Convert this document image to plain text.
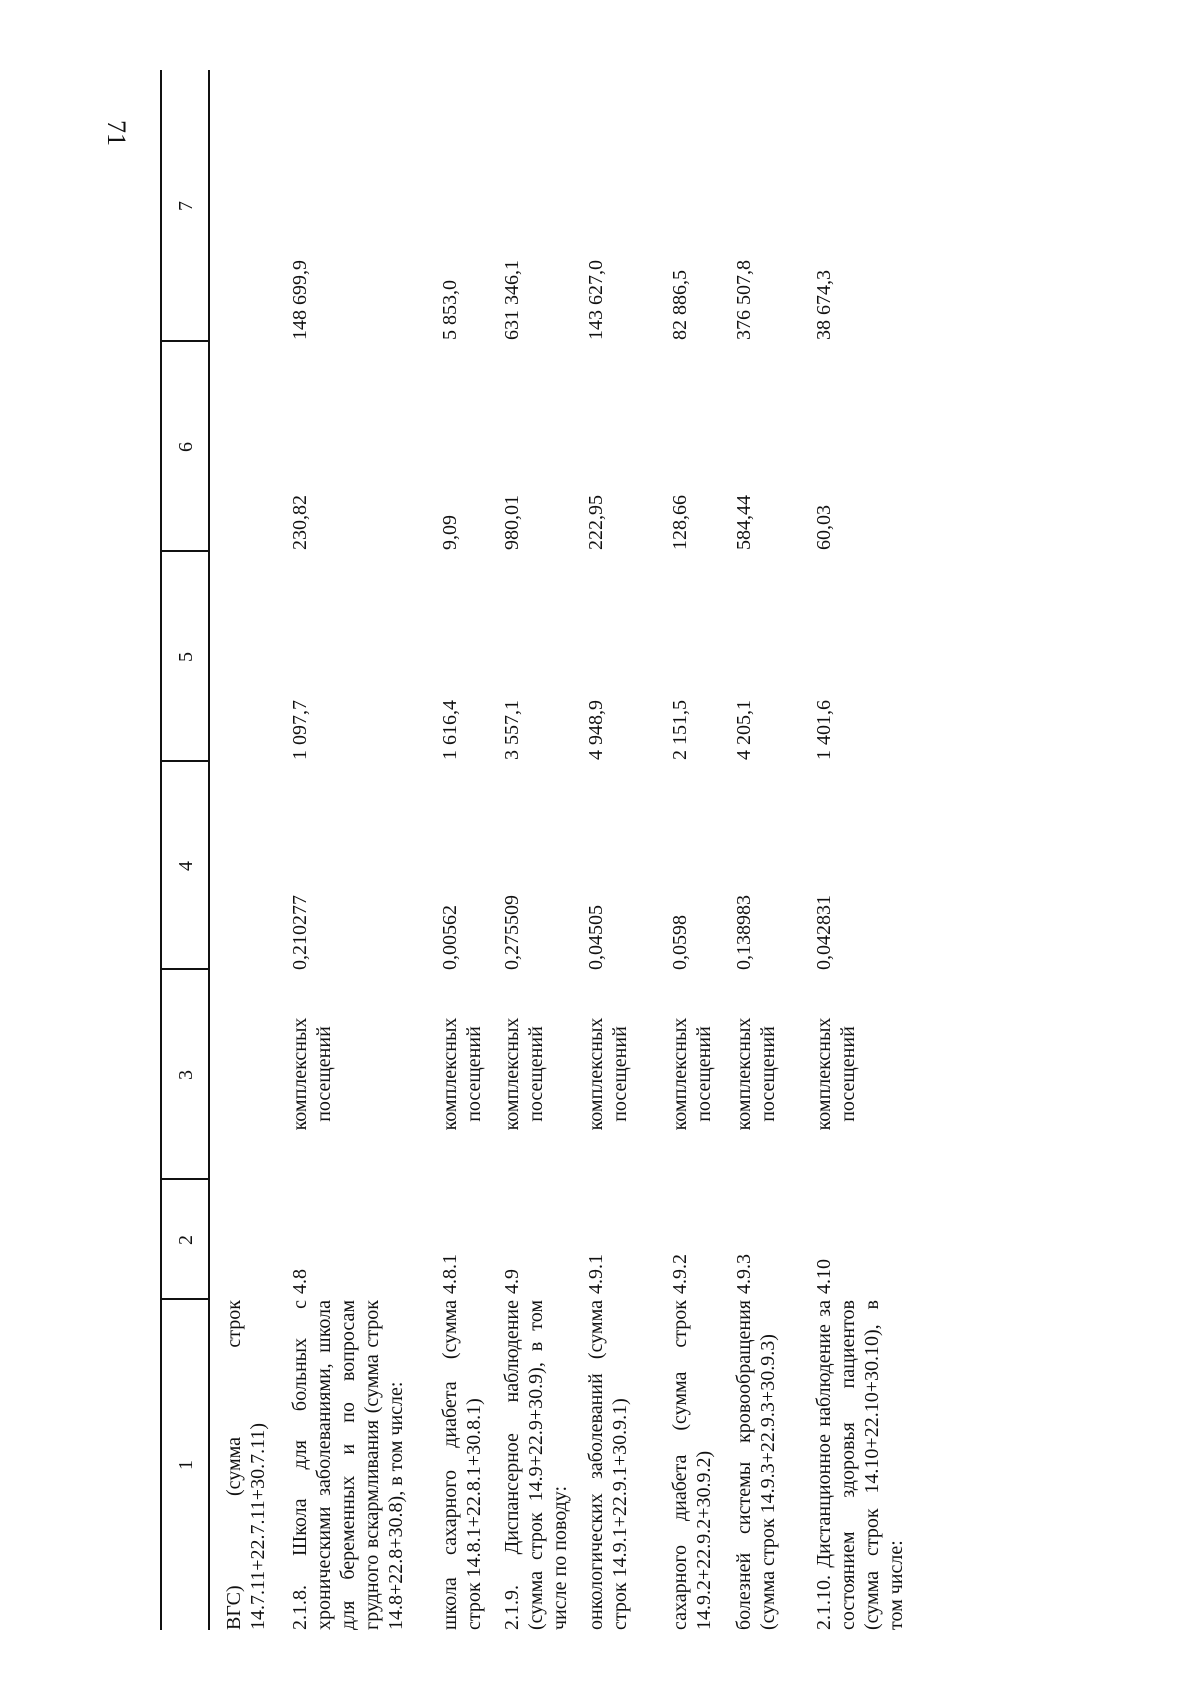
71
1
2
3
4
5
6
7
ВГС) (сумма строк 14.7.11+22.7.11+30.7.11) 2.1.8. Школа для больных с хроническими заболеваниями, школа для беременных и по вопросам грудного вскармливания (сумма строк 14.8+22.8+30.8), в том числе:
4.8
комплексных посещений
0,210277
1 097,7
230,82
148 699,9
школа сахарного диабета (сумма строк 14.8.1+22.8.1+30.8.1)
4.8.1
комплексных посещений
0,00562
1 616,4
9,09
5 853,0
2.1.9. Диспансерное наблюдение (сумма строк 14.9+22.9+30.9), в том числе по поводу:
4.9
комплексных посещений
0,275509
3 557,1
980,01
631 346,1
онкологических заболеваний (сумма строк 14.9.1+22.9.1+30.9.1)
4.9.1
комплексных посещений
0,04505
4 948,9
222,95
143 627,0
сахарного диабета (сумма строк 14.9.2+22.9.2+30.9.2)
4.9.2
комплексных посещений
0,0598
2 151,5
128,66
82 886,5
болезней системы кровообращения (сумма строк 14.9.3+22.9.3+30.9.3)
4.9.3
комплексных посещений
0,138983
4 205,1
584,44
376 507,8
2.1.10. Дистанционное наблюдение за состоянием здоровья пациентов (сумма строк 14.10+22.10+30.10), в том числе:
4.10
комплексных посещений
0,042831
1 401,6
60,03
38 674,3
